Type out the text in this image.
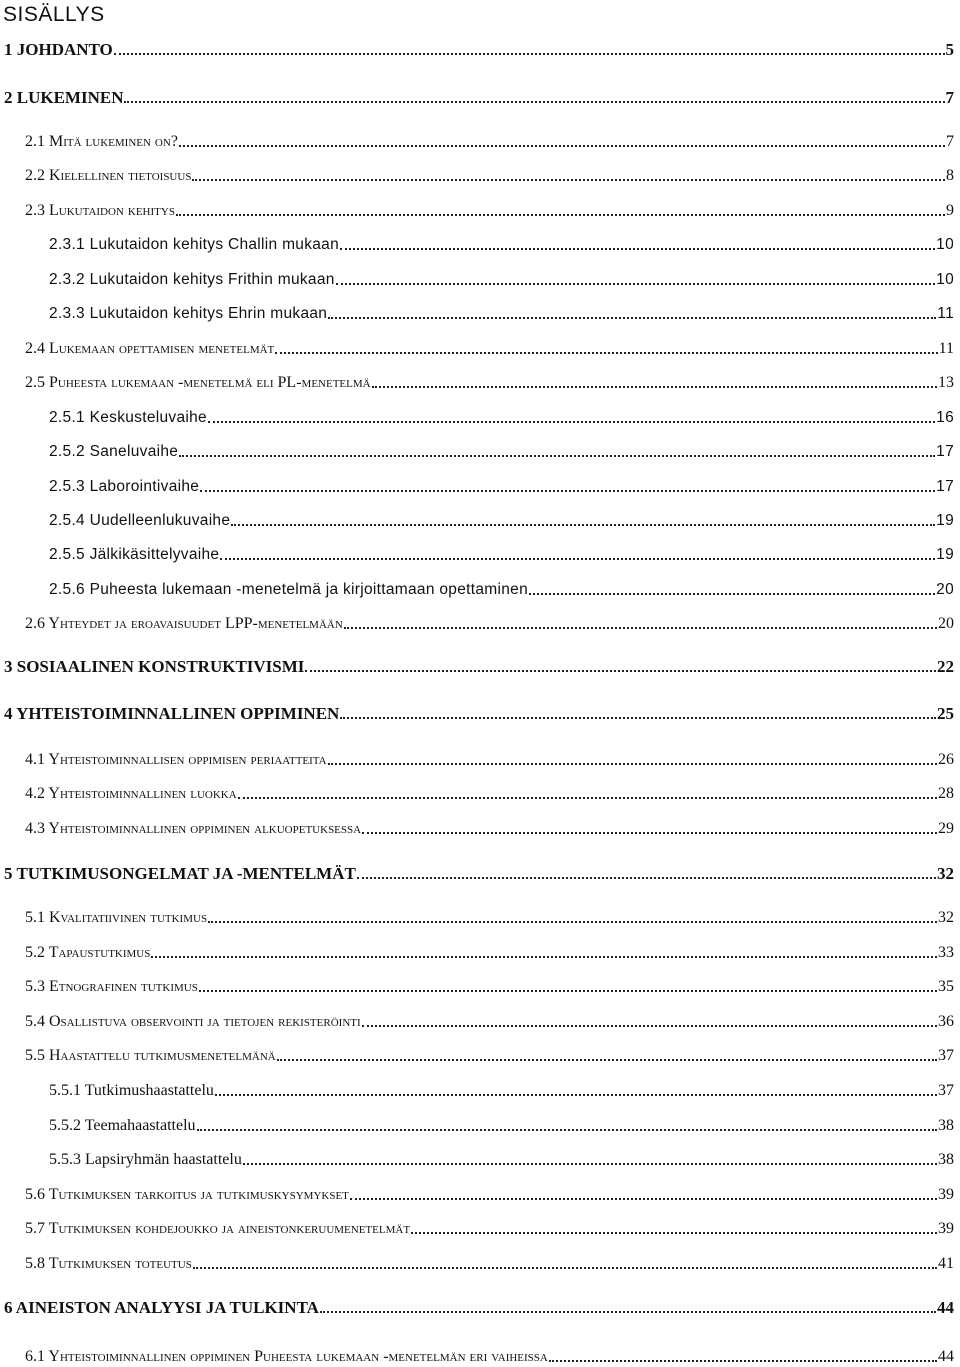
SISÄLLYS
1 JOHDANTO	5
2 LUKEMINEN	7
2.1 Mitä lukeminen on?	7
2.2 Kielellinen tietoisuus	8
2.3 Lukutaidon kehitys	9
2.3.1 Lukutaidon kehitys Challin mukaan	10
2.3.2 Lukutaidon kehitys Frithin mukaan	10
2.3.3 Lukutaidon kehitys Ehrin mukaan	11
2.4 Lukemaan opettamisen menetelmät	11
2.5 Puheesta lukemaan -menetelmä eli PL-menetelmä	13
2.5.1 Keskusteluvaihe	16
2.5.2 Saneluvaihe	17
2.5.3 Laborointivaihe	17
2.5.4 Uudelleenlukuvaihe	19
2.5.5 Jälkikäsittelyvaihe	19
2.5.6 Puheesta lukemaan -menetelmä ja kirjoittamaan opettaminen	20
2.6 Yhteydet ja eroavaisuudet LPP-menetelmään	20
3 SOSIAALINEN KONSTRUKTIVISMI	22
4 YHTEISTOIMINNALLINEN OPPIMINEN	25
4.1 Yhteistoiminnallisen oppimisen periaatteita	26
4.2 Yhteistoiminnallinen luokka	28
4.3 Yhteistoiminnallinen oppiminen alkuopetuksessa	29
5 TUTKIMUSONGELMAT JA -MENTELMÄT	32
5.1 Kvalitatiivinen tutkimus	32
5.2 Tapaustutkimus	33
5.3 Etnografinen tutkimus	35
5.4 Osallistuva observointi ja tietojen rekisteröinti	36
5.5 Haastattelu tutkimusmenetelmänä	37
5.5.1 Tutkimushaastattelu	37
5.5.2 Teemahaastattelu	38
5.5.3 Lapsiryhmän haastattelu	38
5.6 Tutkimuksen tarkoitus ja tutkimuskysymykset	39
5.7 Tutkimuksen kohdejoukko ja aineistonkeruumenetelmät	39
5.8 Tutkimuksen toteutus	41
6 AINEISTON ANALYYSI JA TULKINTA	44
6.1 Yhteistoiminnallinen oppiminen Puheesta lukemaan -menetelmän eri vaiheissa	44
